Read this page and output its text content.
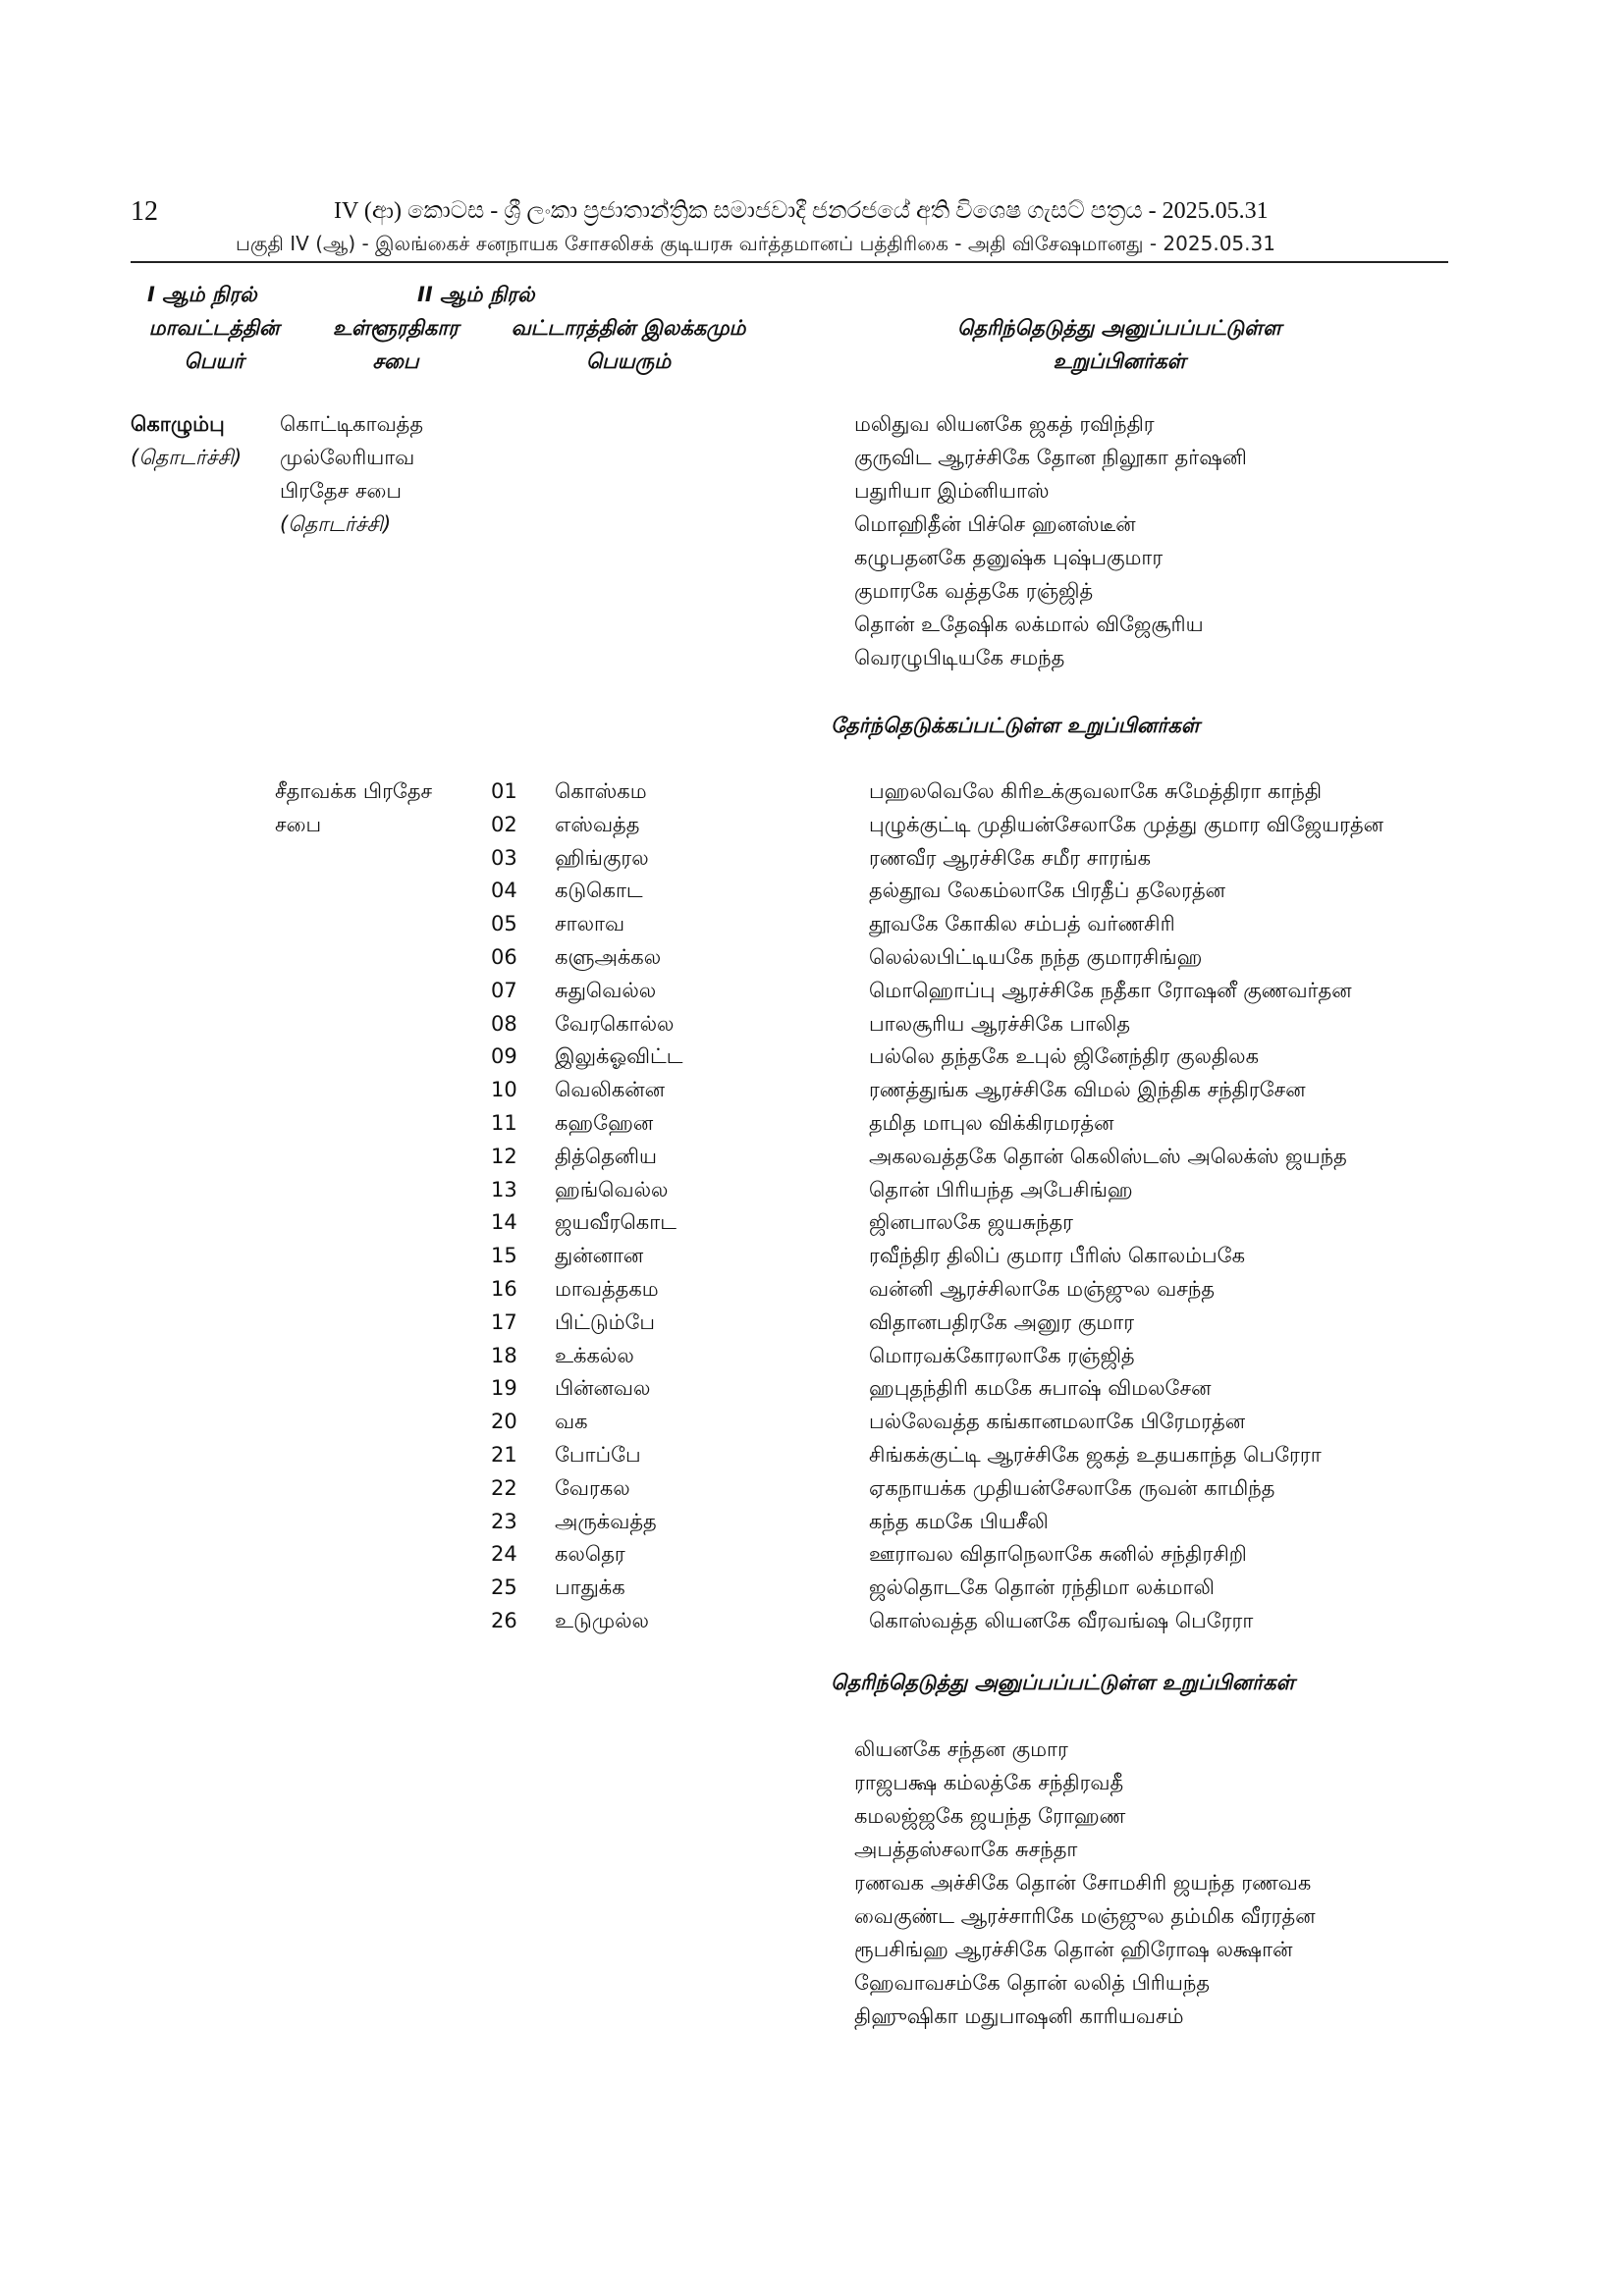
12	IV (ආ) කොටස - ශ්‍රී ලංකා ප්‍රජාතාන්ත්‍රික සමාජවාදී ජනරජයේ අති විශෙෂ ගැසට් පත්‍රය - 2025.05.31
பகுதி IV (ஆ) - இலங்கைச் சனநாயக சோசலிசக் குடியரசு வர்த்தமானப் பத்திரிகை - அதி விசேஷமானது - 2025.05.31
I ஆம் நிரல்	II ஆம் நிரல்
மாவட்டத்தின்
பெயர்
உள்ளூரதிகார
சபை
வட்டாரத்தின் இலக்கமும்
பெயரும்
தெரிந்தெடுத்து அனுப்பப்பட்டுள்ள
உறுப்பினர்கள்
கொழும்பு
(தொடர்ச்சி)
கொட்டிகாவத்த
முல்லேரியாவ
பிரதேச சபை
(தொடர்ச்சி)
மலிதுவ லியனகே ஜகத் ரவிந்திர
குருவிட ஆரச்சிகே தோன நிலூகா தர்ஷனி
பதுரியா இம்னியாஸ்
மொஹிதீன் பிச்செ ஹனஸ்டீன்
கழுபதனகே தனுஷ்க புஷ்பகுமார
குமாரகே வத்தகே ரஞ்ஜித்
தொன் உதேஷிக லக்மால் விஜேசூரிய
வெரழுபிடியகே சமந்த
தேர்ந்தெடுக்கப்பட்டுள்ள உறுப்பினர்கள்
சீதாவக்க பிரதேச
சபை
01 கொஸ்கம	பஹலவெலே கிரிஉக்குவலாகே சுமேத்திரா காந்தி
02 எஸ்வத்த	புழுக்குட்டி முதியன்சேலாகே முத்து குமார விஜேயரத்ன
03 ஹிங்குரல	ரணவீர ஆரச்சிகே சமீர சாரங்க
04 கடுகொட	தல்தூவ லேகம்லாகே பிரதீப் தலேரத்ன
05 சாலாவ	தூவகே கோகில சம்பத் வர்ணசிரி
06 களுஅக்கல	லெல்லபிட்டியகே நந்த குமாரசிங்ஹ
07 சுதுவெல்ல	மொஹொப்பு ஆரச்சிகே நதீகா ரோஷனீ குணவர்தன
08 வேரகொல்ல	பாலசூரிய ஆரச்சிகே பாலித
09 இலுக்ஓவிட்ட	பல்லெ தந்தகே உபுல் ஜினேந்திர குலதிலக
10 வெலிகன்ன	ரணத்துங்க ஆரச்சிகே விமல் இந்திக சந்திரசேன
11 கஹஹேன	தமித மாபுல விக்கிரமரத்ன
12 தித்தெனிய	அகலவத்தகே தொன் கெலிஸ்டஸ் அலெக்ஸ் ஜயந்த
13 ஹங்வெல்ல	தொன் பிரியந்த அபேசிங்ஹ
14 ஜயவீரகொட	ஜினபாலகே ஜயசுந்தர
15 துன்னான	ரவீந்திர திலிப் குமார பீரிஸ் கொலம்பகே
16 மாவத்தகம	வன்னி ஆரச்சிலாகே மஞ்ஜுல வசந்த
17 பிட்டும்பே	விதானபதிரகே அனுர குமார
18 உக்கல்ல	மொரவக்கோரலாகே ரஞ்ஜித்
19 பின்னவல	ஹபுதந்திரி கமகே சுபாஷ் விமலசேன
20 வக	பல்லேவத்த கங்கானமலாகே பிரேமரத்ன
21 போப்பே	சிங்கக்குட்டி ஆரச்சிகே ஜகத் உதயகாந்த பெரேரா
22 வேரகல	ஏகநாயக்க முதியன்சேலாகே ருவன் காமிந்த
23 அருக்வத்த	கந்த கமகே பியசீலி
24 கலதெர	ஊராவல விதாநெலாகே சுனில் சந்திரசிறி
25 பாதுக்க	ஜல்தொடகே தொன் ரந்திமா லக்மாலி
26 உடுமுல்ல	கொஸ்வத்த லியனகே வீரவங்ஷ பெரேரா
தெரிந்தெடுத்து அனுப்பப்பட்டுள்ள உறுப்பினர்கள்
லியனகே சந்தன குமார
ராஜபக்ஷ கம்லத்கே சந்திரவதீ
கமலஜ்ஜகே ஜயந்த ரோஹண
அபத்தஸ்சலாகே சுசந்தா
ரணவக அச்சிகே தொன் சோமசிரி ஜயந்த ரணவக
வைகுண்ட ஆரச்சாரிகே மஞ்ஜுல தம்மிக வீரரத்ன
ரூபசிங்ஹ ஆரச்சிகே தொன் ஹிரோஷ லக்ஷான்
ஹேவாவசம்கே தொன் லலித் பிரியந்த
திஹுஷிகா மதுபாஷனி காரியவசம்
